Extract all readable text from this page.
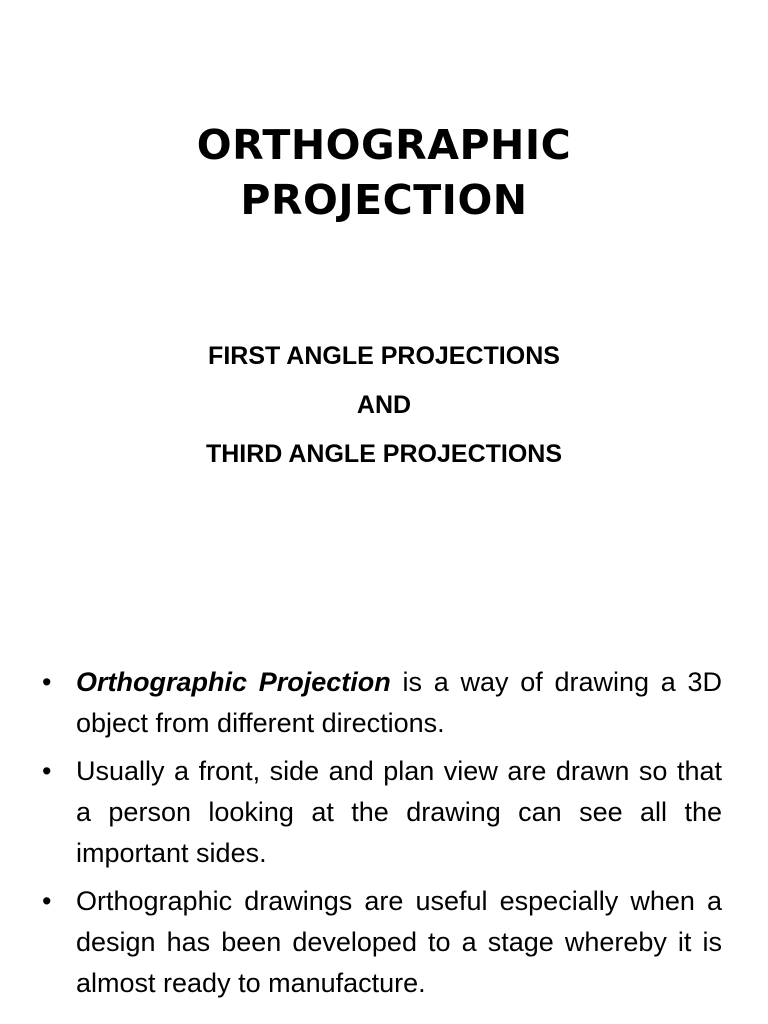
ORTHOGRAPHIC
PROJECTION
FIRST ANGLE PROJECTIONS
AND
THIRD ANGLE PROJECTIONS
• Orthographic Projection is a way of drawing a 3D object from different directions.
• Usually a front, side and plan view are drawn so that a person looking at the drawing can see all the important sides.
• Orthographic drawings are useful especially when a design has been developed to a stage whereby it is almost ready to manufacture.
